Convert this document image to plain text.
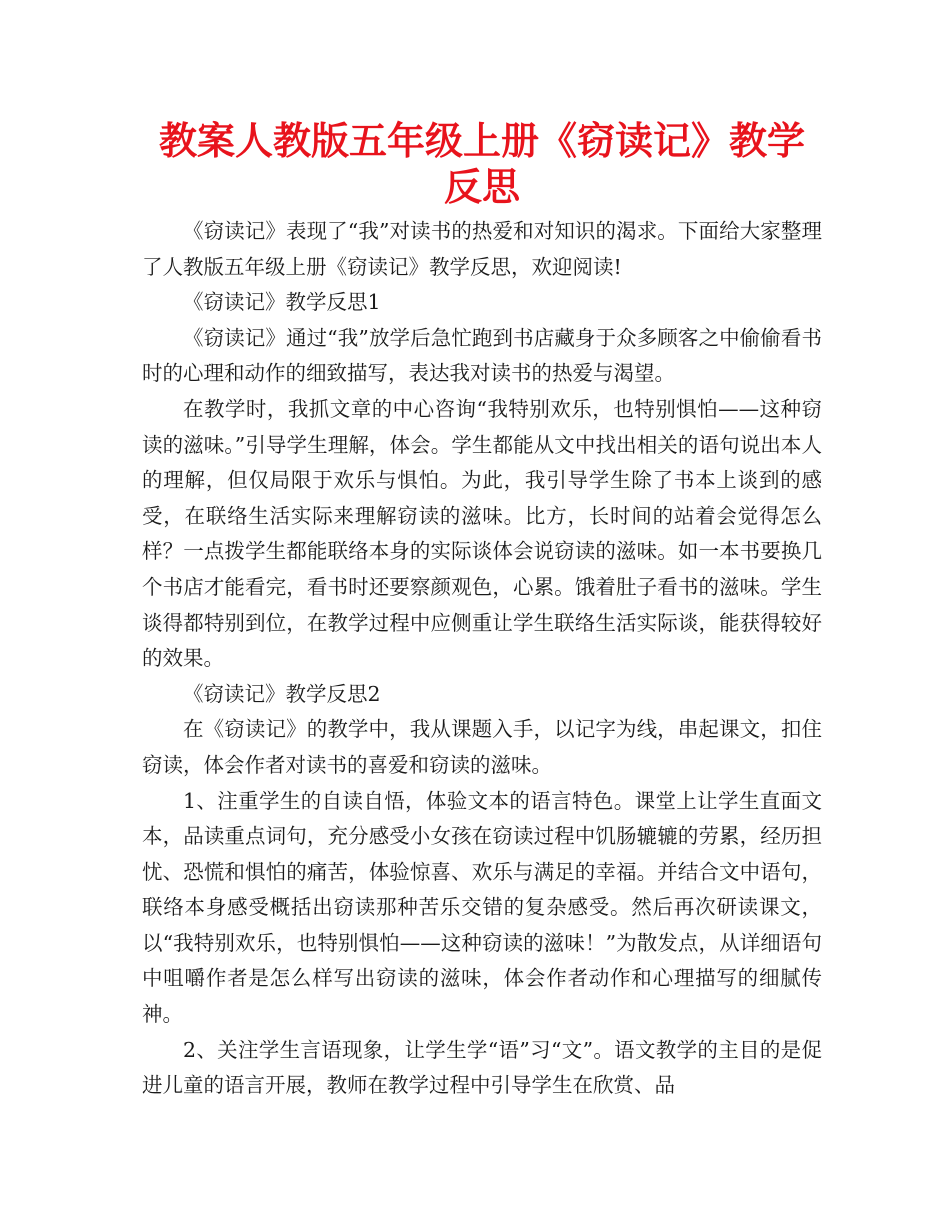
教案人教版五年级上册《窃读记》教学反思

《窃读记》表现了“我”对读书的热爱和对知识的渴求。下面给大家整理了人教版五年级上册《窃读记》教学反思，欢迎阅读!

《窃读记》教学反思1

《窃读记》通过“我”放学后急忙跑到书店藏身于众多顾客之中偷偷看书时的心理和动作的细致描写，表达我对读书的热爱与渴望。

在教学时，我抓文章的中心咨询“我特别欢乐，也特别惧怕——这种窃读的滋味。”引导学生理解，体会。学生都能从文中找出相关的语句说出本人的理解，但仅局限于欢乐与惧怕。为此，我引导学生除了书本上谈到的感受，在联络生活实际来理解窃读的滋味。比方，长时间的站着会觉得怎么样？一点拨学生都能联络本身的实际谈体会说窃读的滋味。如一本书要换几个书店才能看完，看书时还要察颜观色，心累。饿着肚子看书的滋味。学生谈得都特别到位，在教学过程中应侧重让学生联络生活实际谈，能获得较好的效果。

《窃读记》教学反思2

在《窃读记》的教学中，我从课题入手，以记字为线，串起课文，扣住窃读，体会作者对读书的喜爱和窃读的滋味。

1、注重学生的自读自悟，体验文本的语言特色。课堂上让学生直面文本，品读重点词句，充分感受小女孩在窃读过程中饥肠辘辘的劳累，经历担忧、恐慌和惧怕的痛苦，体验惊喜、欢乐与满足的幸福。并结合文中语句，联络本身感受概括出窃读那种苦乐交错的复杂感受。然后再次研读课文，以“我特别欢乐，也特别惧怕——这种窃读的滋味！”为散发点，从详细语句中咀嚼作者是怎么样写出窃读的滋味，体会作者动作和心理描写的细腻传神。

2、关注学生言语现象，让学生学“语”习“文”。语文教学的主目的是促进儿童的语言开展，教师在教学过程中引导学生在欣赏、品
